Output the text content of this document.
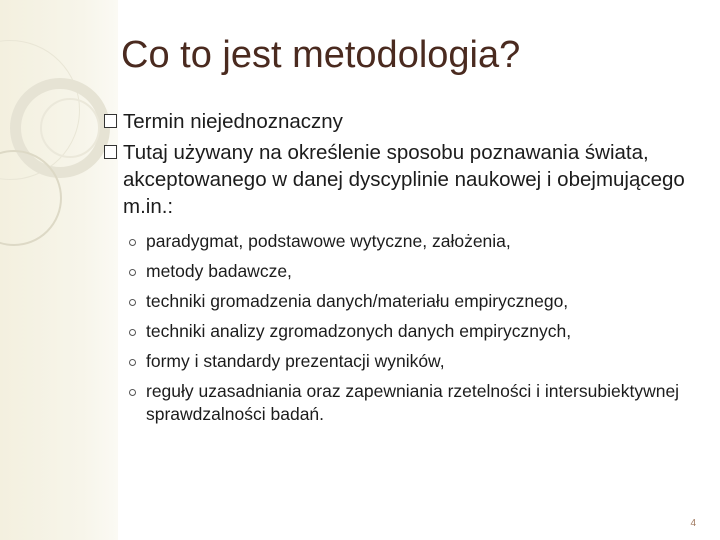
Co to jest metodologia?
Termin niejednoznaczny
Tutaj używany na określenie sposobu poznawania świata, akceptowanego w danej dyscyplinie naukowej i obejmującego m.in.:
paradygmat, podstawowe wytyczne, założenia,
metody badawcze,
techniki gromadzenia danych/materiału empirycznego,
techniki analizy zgromadzonych danych empirycznych,
formy i standardy prezentacji wyników,
reguły uzasadniania oraz zapewniania rzetelności i intersubiektywnej sprawdzalności badań.
4
